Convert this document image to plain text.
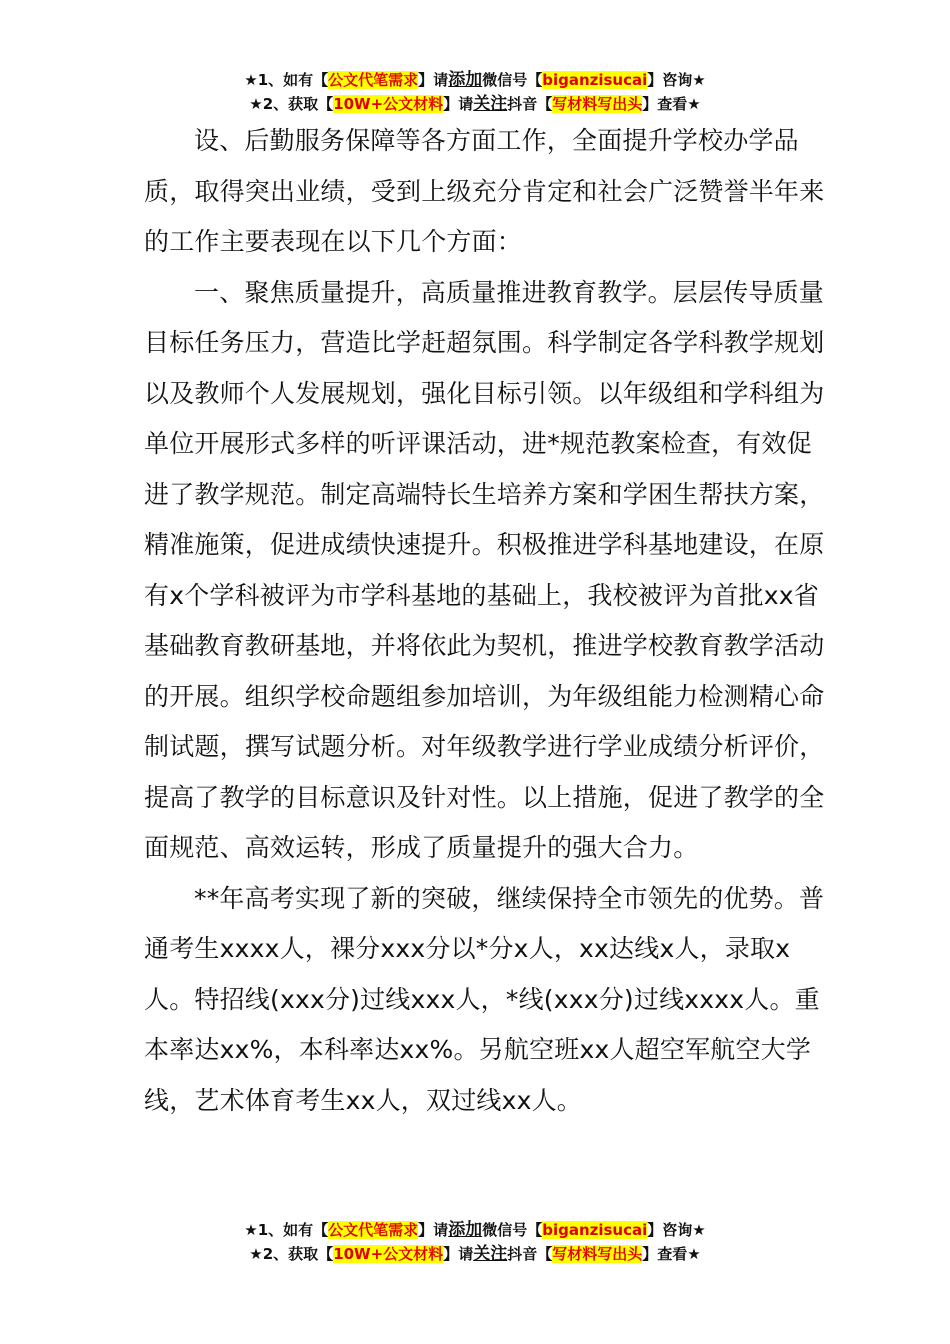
★1、如有【公文代笔需求】请添加微信号【biganzisucai】咨询★
★2、获取【10W+公文材料】请关注抖音【写材料写出头】查看★

设、后勤服务保障等各方面工作，全面提升学校办学品质，取得突出业绩，受到上级充分肯定和社会广泛赞誉半年来的工作主要表现在以下几个方面：

一、聚焦质量提升，高质量推进教育教学。层层传导质量目标任务压力，营造比学赶超氛围。科学制定各学科教学规划以及教师个人发展规划，强化目标引领。以年级组和学科组为单位开展形式多样的听评课活动，进*规范教案检查，有效促进了教学规范。制定高端特长生培养方案和学困生帮扶方案，精准施策，促进成绩快速提升。积极推进学科基地建设，在原有x个学科被评为市学科基地的基础上，我校被评为首批xx省基础教育教研基地，并将依此为契机，推进学校教育教学活动的开展。组织学校命题组参加培训，为年级组能力检测精心命制试题，撰写试题分析。对年级教学进行学业成绩分析评价，提高了教学的目标意识及针对性。以上措施，促进了教学的全面规范、高效运转，形成了质量提升的强大合力。

**年高考实现了新的突破，继续保持全市领先的优势。普通考生xxxx人，裸分xxx分以*分x人，xx达线x人，录取x人。特招线(xxx分)过线xxx人，*线(xxx分)过线xxxx人。重本率达xx%，本科率达xx%。另航空班xx人超空军航空大学线，艺术体育考生xx人，双过线xx人。

★1、如有【公文代笔需求】请添加微信号【biganzisucai】咨询★
★2、获取【10W+公文材料】请关注抖音【写材料写出头】查看★
